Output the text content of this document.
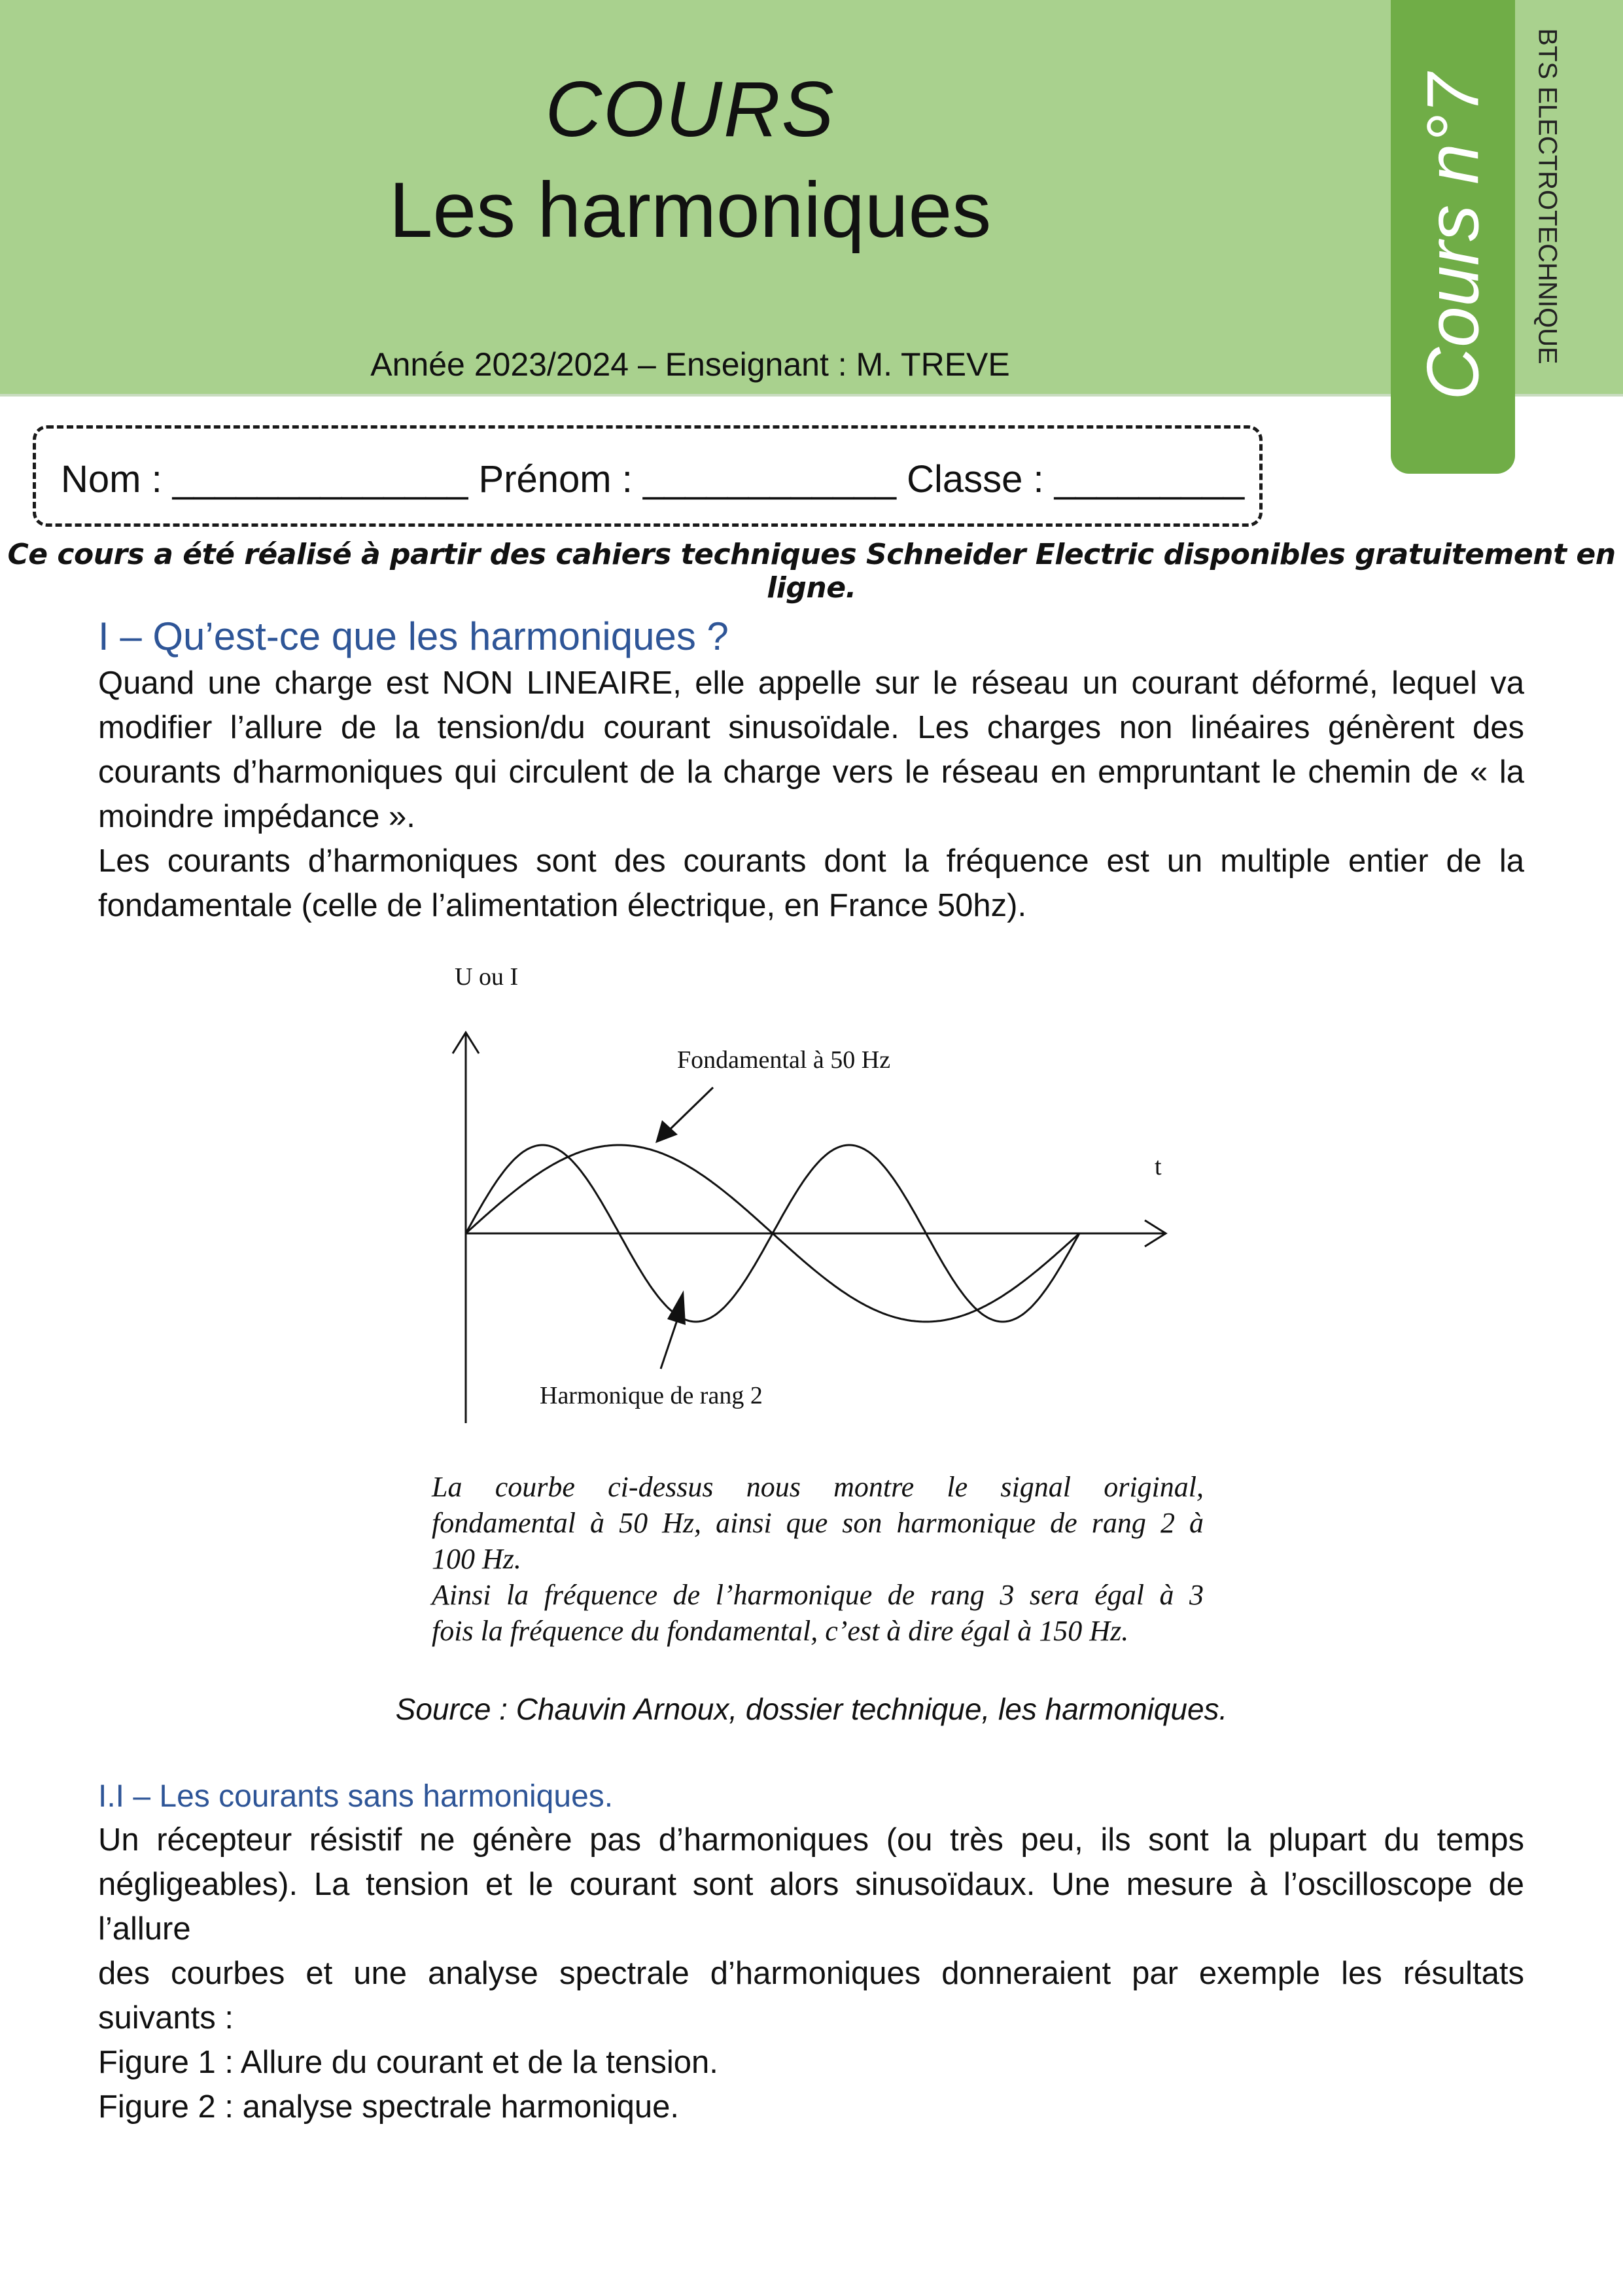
COURS
Les harmoniques
Année 2023/2024 – Enseignant : M. TREVE	Cours n°7 BTS ELECTROTECHNIQUE
Nom : ______________ Prénom : ____________ Classe : _________
Ce cours a été réalisé à partir des cahiers techniques Schneider Electric disponibles gratuitement en ligne.
I – Qu’est-ce que les harmoniques ?
Quand une charge est NON LINEAIRE, elle appelle sur le réseau un courant déformé, lequel va
modifier l’allure de la tension/du courant sinusoïdale. Les charges non linéaires génèrent des
courants d’harmoniques qui circulent de la charge vers le réseau en empruntant le chemin de « la
moindre impédance ».
Les courants d’harmoniques sont des courants dont la fréquence est un multiple entier de la
fondamentale (celle de l’alimentation électrique, en France 50hz).
U ou I
t
Fondamental à 50 Hz
Harmonique de rang 2
La courbe ci-dessus nous montre le signal original,
fondamental à 50 Hz, ainsi que son harmonique de rang 2 à
100 Hz.
Ainsi la fréquence de l’harmonique de rang 3 sera égal à 3
fois la fréquence du fondamental, c’est à dire égal à 150 Hz.
Source : Chauvin Arnoux, dossier technique, les harmoniques.
I.I – Les courants sans harmoniques.
Un récepteur résistif ne génère pas d’harmoniques (ou très peu, ils sont la plupart du temps
négligeables). La tension et le courant sont alors sinusoïdaux. Une mesure à l’oscilloscope de l’allure
des courbes et une analyse spectrale d’harmoniques donneraient par exemple les résultats
suivants :
Figure 1 : Allure du courant et de la tension.
Figure 2 : analyse spectrale harmonique.
